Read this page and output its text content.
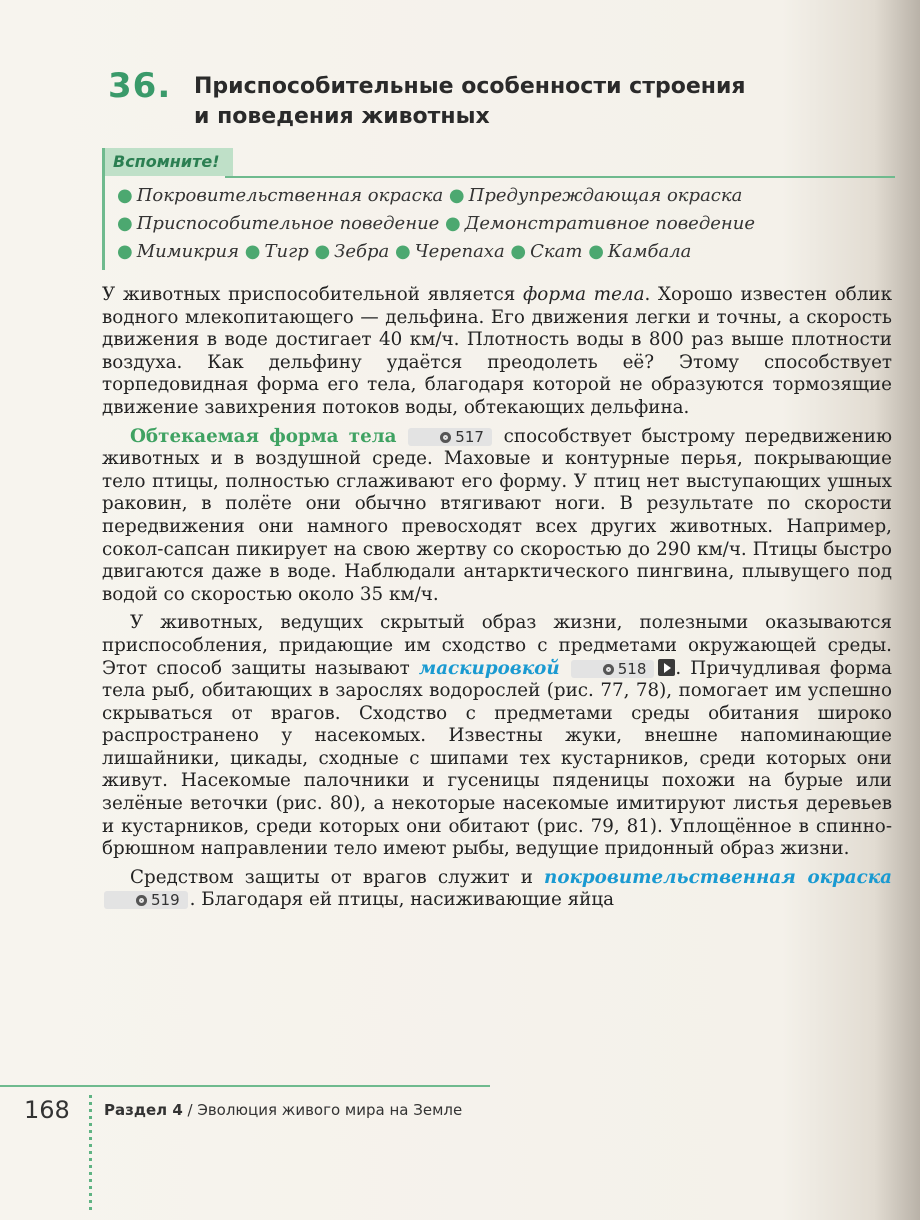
36. Приспособительные особенности строения
и поведения животных
Вспомните!
● Покровительственная окраска ● Предупреждающая окраска
● Приспособительное поведение ● Демонстративное поведение
● Мимикрия ● Тигр ● Зебра ● Черепаха ● Скат ● Камбала

У животных приспособительной является форма тела. Хорошо известен облик водного млекопитающего — дельфина. Его движения легки и точны, а скорость движения в воде достигает 40 км/ч. Плотность воды в 800 раз выше плотности воздуха. Как дельфину удаётся преодолеть её? Этому способствует торпедовидная форма его тела, благодаря которой не образуются тормозящие движение завихрения потоков воды, обтекающих дельфина.

Обтекаемая форма тела	517 способствует быстрому передвижению животных и в воздушной среде. Маховые и контурные перья, покрывающие тело птицы, полностью сглаживают его форму. У птиц нет выступающих ушных раковин, в полёте они обычно втягивают ноги. В результате по скорости передвижения они намного превосходят всех других животных. Например, сокол-сапсан пикирует на свою жертву со скоростью до 290 км/ч. Птицы быстро двигаются даже в воде. Наблюдали антарктического пингвина, плывущего под водой со скоростью около 35 км/ч.

У животных, ведущих скрытый образ жизни, полезными оказываются приспособления, придающие им сходство с предметами окружающей среды. Этот способ защиты называют маскировкой	518 . Причудливая форма тела рыб, обитающих в зарослях водорослей (рис. 77, 78), помогает им успешно скрываться от врагов. Сходство с предметами среды обитания широко распространено у насекомых. Известны жуки, внешне напоминающие лишайники, цикады, сходные с шипами тех кустарников, среди которых они живут. Насекомые палочники и гусеницы пяденицы похожи на бурые или зелёные веточки (рис. 80), а некоторые насекомые имитируют листья деревьев и кустарников, среди которых они обитают (рис. 79, 81). Уплощённое в спинно-брюшном направлении тело имеют рыбы, ведущие придонный образ жизни.

Средством защиты от врагов служит и покровительственная окраска 519 . Благодаря ей птицы, насиживающие яйца

168 Раздел 4 / Эволюция живого мира на Земле
